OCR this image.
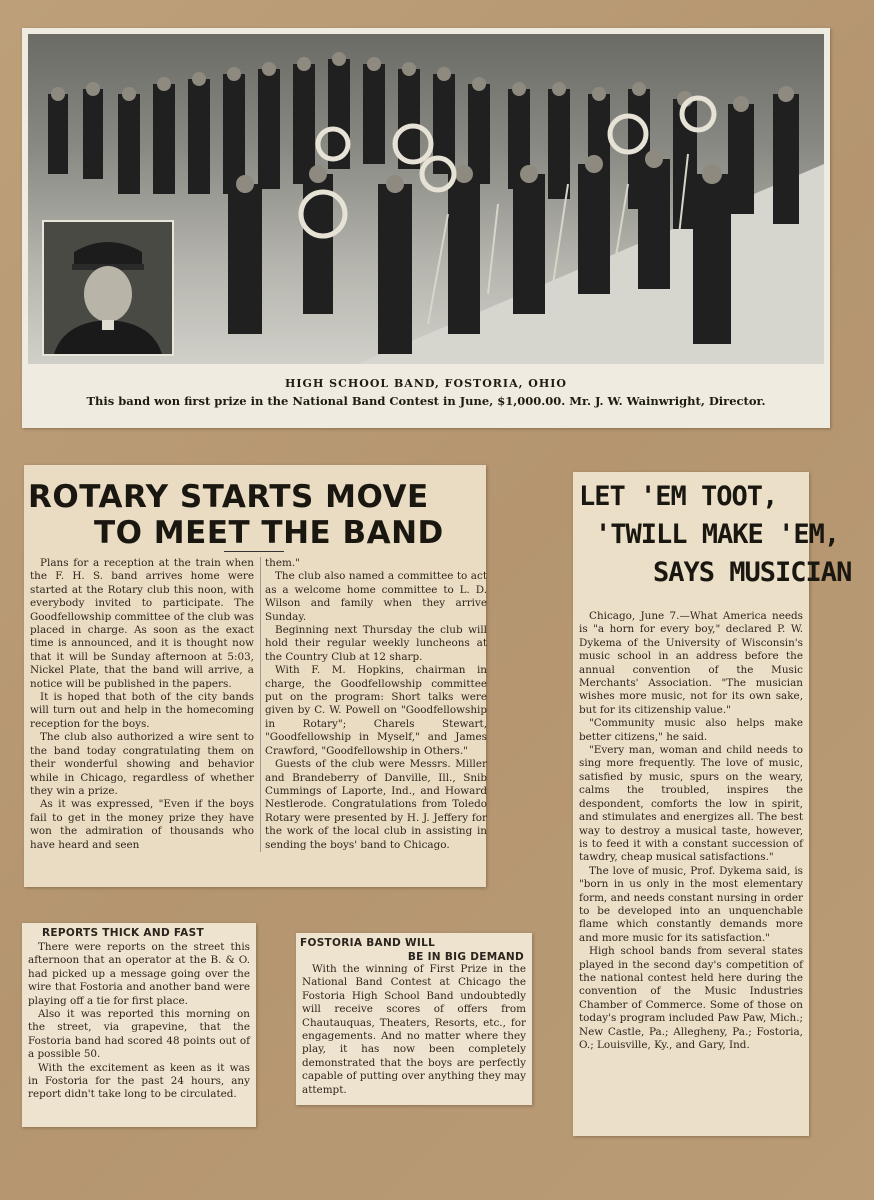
HIGH SCHOOL BAND, FOSTORIA, OHIO
This band won first prize in the National Band Contest in June, $1,000.00. Mr. J. W. Wainwright, Director.
ROTARY STARTS MOVE
TO MEET THE BAND

Plans for a reception at the train when the F. H. S. band arrives home were started at the Rotary club this noon, with everybody invited to participate. The Goodfellowship committee of the club was placed in charge. As soon as the exact time is announced, and it is thought now that it will be Sunday afternoon at 5:03, Nickel Plate, that the band will arrive, a notice will be published in the papers.

It is hoped that both of the city bands will turn out and help in the homecoming reception for the boys.

The club also authorized a wire sent to the band today congratulating them on their wonderful showing and behavior while in Chicago, regardless of whether they win a prize.

As it was expressed, "Even if the boys fail to get in the money prize they have won the admiration of thousands who have heard and seen

them."

The club also named a committee to act as a welcome home committee to L. D. Wilson and family when they arrive Sunday.

Beginning next Thursday the club will hold their regular weekly luncheons at the Country Club at 12 sharp.

With F. M. Hopkins, chairman in charge, the Goodfellowship committee put on the program: Short talks were given by C. W. Powell on "Goodfellowship in Rotary"; Charels Stewart, "Goodfellowship in Myself," and James Crawford, "Goodfellowship in Others."

Guests of the club were Messrs. Miller and Brandeberry of Danville, Ill., Snib Cummings of Laporte, Ind., and Howard Nestlerode. Congratulations from Toledo Rotary were presented by H. J. Jeffery for the work of the local club in assisting in sending the boys' band to Chicago.

LET 'EM TOOT,
'TWILL MAKE 'EM,
SAYS MUSICIAN

Chicago, June 7.—What America needs is "a horn for every boy," declared P. W. Dykema of the University of Wisconsin's music school in an address before the annual convention of the Music Merchants' Association. "The musician wishes more music, not for its own sake, but for its citizenship value."

"Community music also helps make better citizens," he said.

"Every man, woman and child needs to sing more frequently. The love of music, satisfied by music, spurs on the weary, calms the troubled, inspires the despondent, comforts the low in spirit, and stimulates and energizes all. The best way to destroy a musical taste, however, is to feed it with a constant succession of tawdry, cheap musical satisfactions."

The love of music, Prof. Dykema said, is "born in us only in the most elementary form, and needs constant nursing in order to be developed into an unquenchable flame which constantly demands more and more music for its satisfaction."

High school bands from several states played in the second day's competition of the national contest held here during the convention of the Music Industries Chamber of Commerce. Some of those on today's program included Paw Paw, Mich.; New Castle, Pa.; Allegheny, Pa.; Fostoria, O.; Louisville, Ky., and Gary, Ind.

REPORTS THICK AND FAST

There were reports on the street this afternoon that an operator at the B. & O. had picked up a message going over the wire that Fostoria and another band were playing off a tie for first place.

Also it was reported this morning on the street, via grapevine, that the Fostoria band had scored 48 points out of a possible 50.

With the excitement as keen as it was in Fostoria for the past 24 hours, any report didn't take long to be circulated.

FOSTORIA BAND WILL
BE IN BIG DEMAND

With the winning of First Prize in the National Band Contest at Chicago the Fostoria High School Band undoubtedly will receive scores of offers from Chautauquas, Theaters, Resorts, etc., for engagements. And no matter where they play, it has now been completely demonstrated that the boys are perfectly capable of putting over anything they may attempt.
